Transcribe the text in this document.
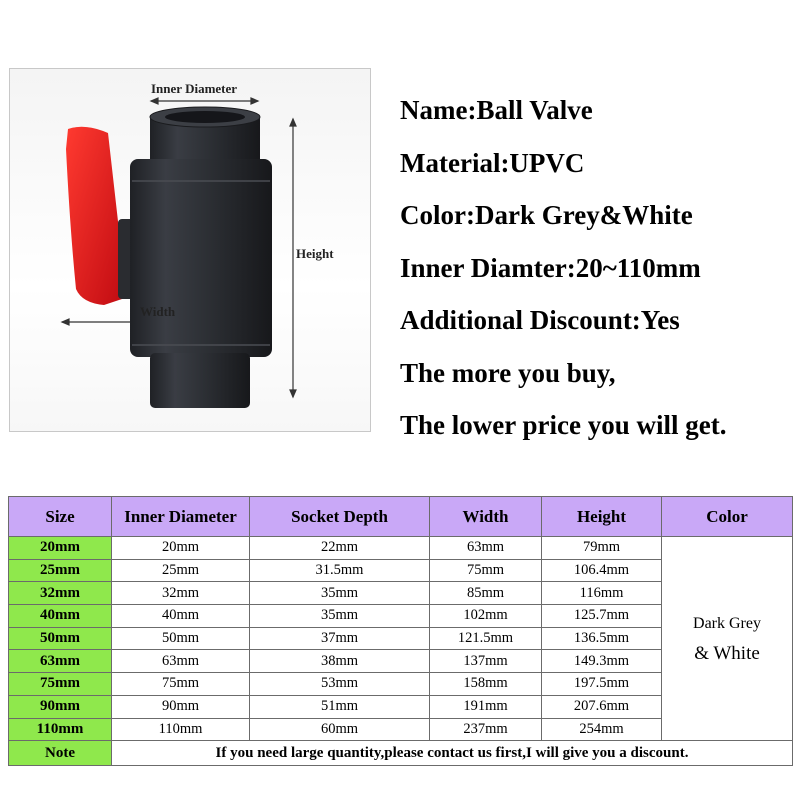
Inner Diameter
Height
Width
Name:Ball Valve
Material:UPVC
Color:Dark Grey&White
Inner Diamter:20~110mm
Additional Discount:Yes
The more you buy,
The lower price you will get.
Size	Inner Diameter	Socket Depth	Width	Height	Color
20mm	20mm	22mm	63mm	79mm	Dark Grey
& White

25mm	25mm	31.5mm	75mm	106.4mm	
32mm	32mm	35mm	85mm	116mm	
40mm	40mm	35mm	102mm	125.7mm	
50mm	50mm	37mm	121.5mm	136.5mm	
63mm	63mm	38mm	137mm	149.3mm	
75mm	75mm	53mm	158mm	197.5mm	
90mm	90mm	51mm	191mm	207.6mm	
110mm	110mm	60mm	237mm	254mm	
Note	If you need large quantity,please contact us first,I will give you a discount.				
